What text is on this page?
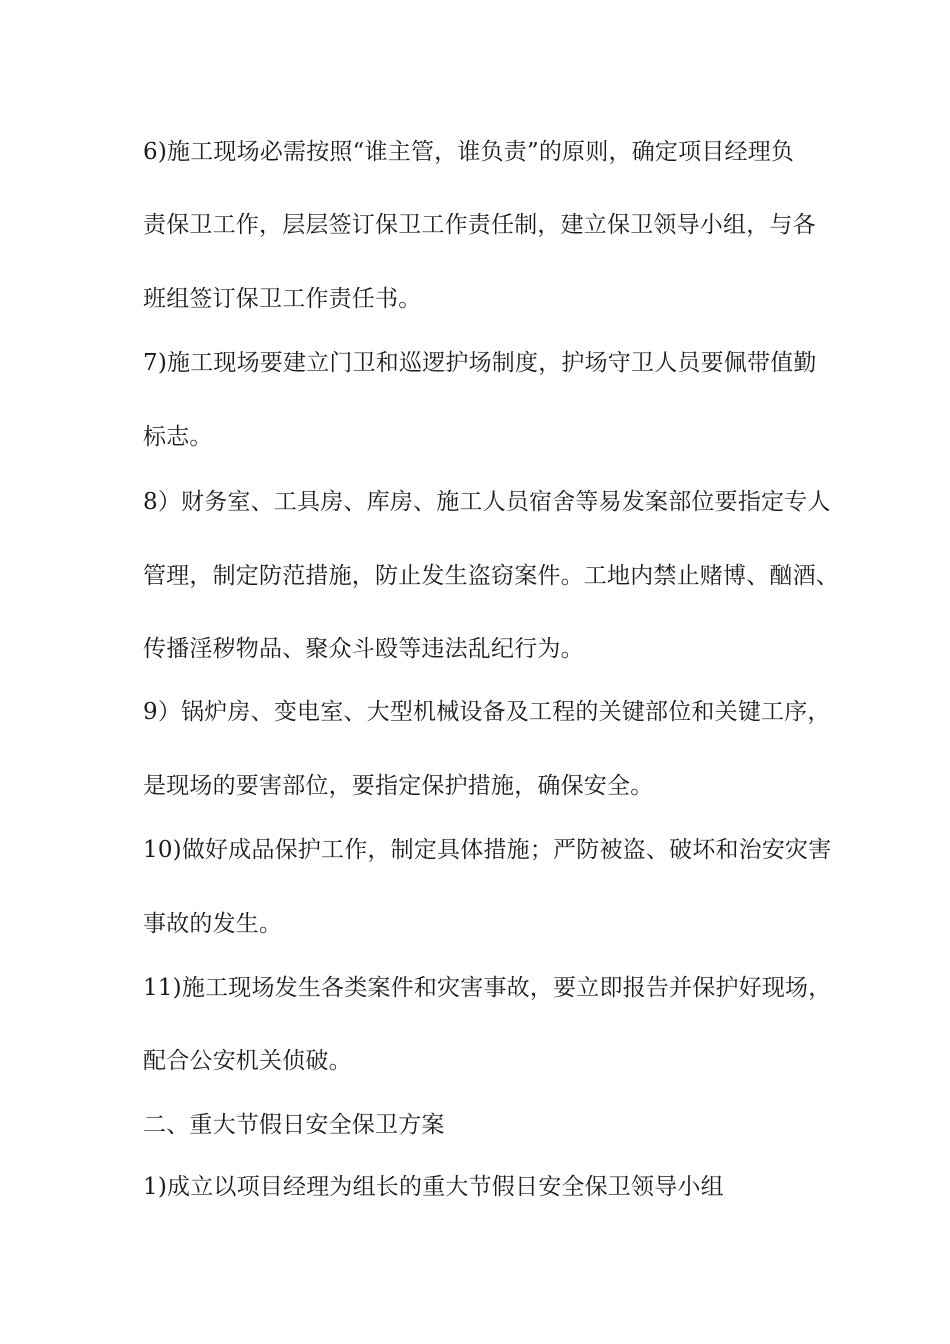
6)施工现场必需按照“谁主管，谁负责”的原则，确定项目经理负
责保卫工作，层层签订保卫工作责任制，建立保卫领导小组，与各
班组签订保卫工作责任书。
7)施工现场要建立门卫和巡逻护场制度，护场守卫人员要佩带值勤
标志。
8）财务室、工具房、库房、施工人员宿舍等易发案部位要指定专人
管理，制定防范措施，防止发生盗窃案件。工地内禁止赌博、酗酒、
传播淫秽物品、聚众斗殴等违法乱纪行为。
9）锅炉房、变电室、大型机械设备及工程的关键部位和关键工序，
是现场的要害部位，要指定保护措施，确保安全。
10)做好成品保护工作，制定具体措施；严防被盗、破坏和治安灾害
事故的发生。
11)施工现场发生各类案件和灾害事故，要立即报告并保护好现场，
配合公安机关侦破。
二、重大节假日安全保卫方案
1)成立以项目经理为组长的重大节假日安全保卫领导小组
